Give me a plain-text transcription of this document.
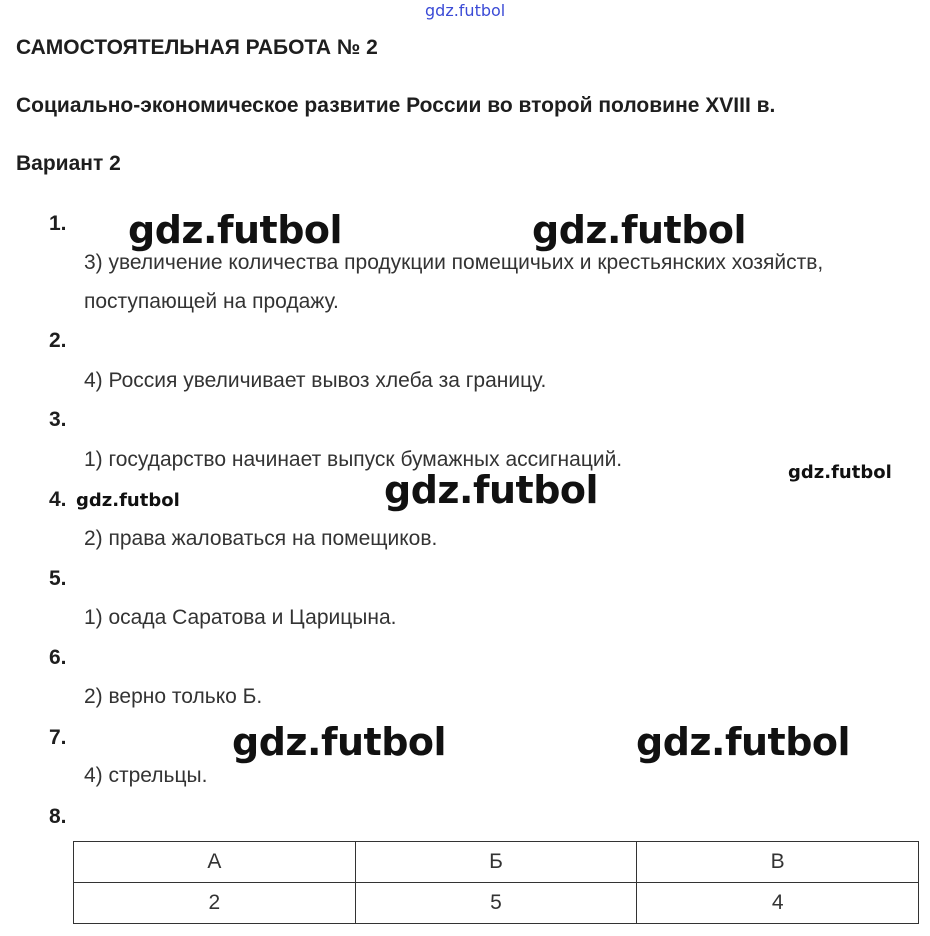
gdz.futbol
САМОСТОЯТЕЛЬНАЯ РАБОТА № 2
Социально-экономическое развитие России во второй половине XVIII в.
Вариант 2
1.
3) увеличение количества продукции помещичьих и крестьянских хозяйств,
поступающей на продажу.
2.
4) Россия увеличивает вывоз хлеба за границу.
3.
1) государство начинает выпуск бумажных ассигнаций.
4.
2) права жаловаться на помещиков.
5.
1) осада Саратова и Царицына.
6.
2) верно только Б.
7.
4) стрельцы.
8.
А	Б	В
2	5	4
gdz.futbol	gdz.futbol
gdz.futbol
gdz.futbol	gdz.futbol
gdz.futbol	gdz.futbol
